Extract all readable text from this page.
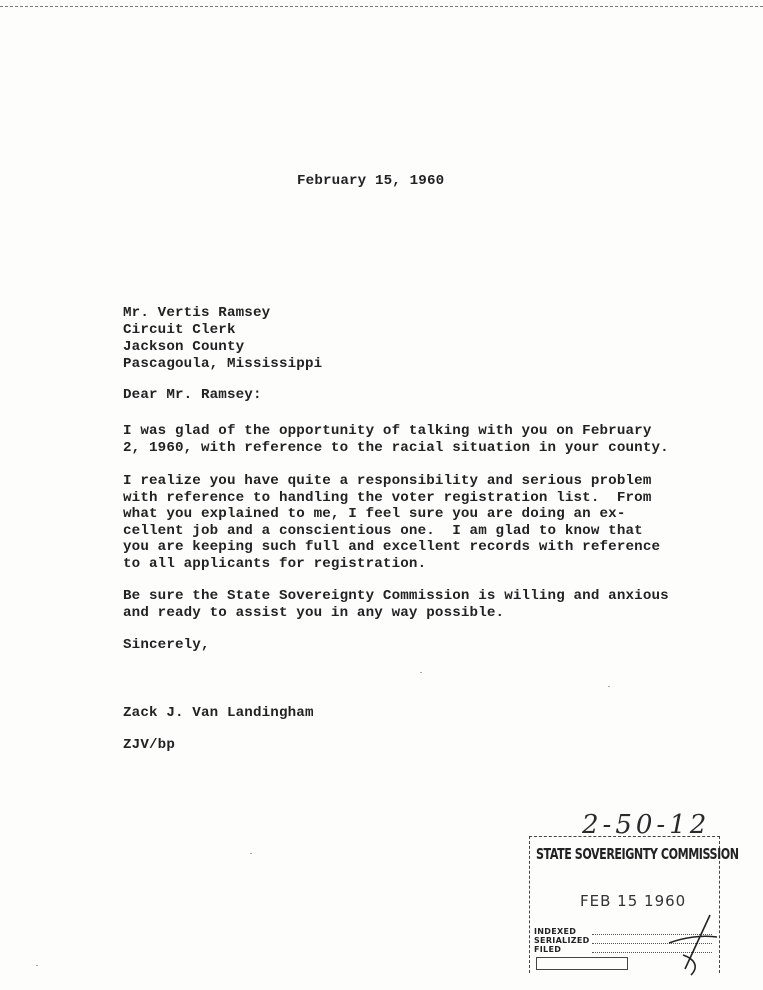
February 15, 1960
Mr. Vertis Ramsey
Circuit Clerk
Jackson County
Pascagoula, Mississippi
Dear Mr. Ramsey:
I was glad of the opportunity of talking with you on February
2, 1960, with reference to the racial situation in your county.
I realize you have quite a responsibility and serious problem
with reference to handling the voter registration list.  From
what you explained to me, I feel sure you are doing an ex-
cellent job and a conscientious one.  I am glad to know that
you are keeping such full and excellent records with reference
to all applicants for registration.
Be sure the State Sovereignty Commission is willing and anxious
and ready to assist you in any way possible.
Sincerely,
Zack J. Van Landingham
ZJV/bp
2-50-12
STATE SOVEREIGNTY COMMISSION
FEB 15 1960
INDEXED
SERIALIZED
FILED
